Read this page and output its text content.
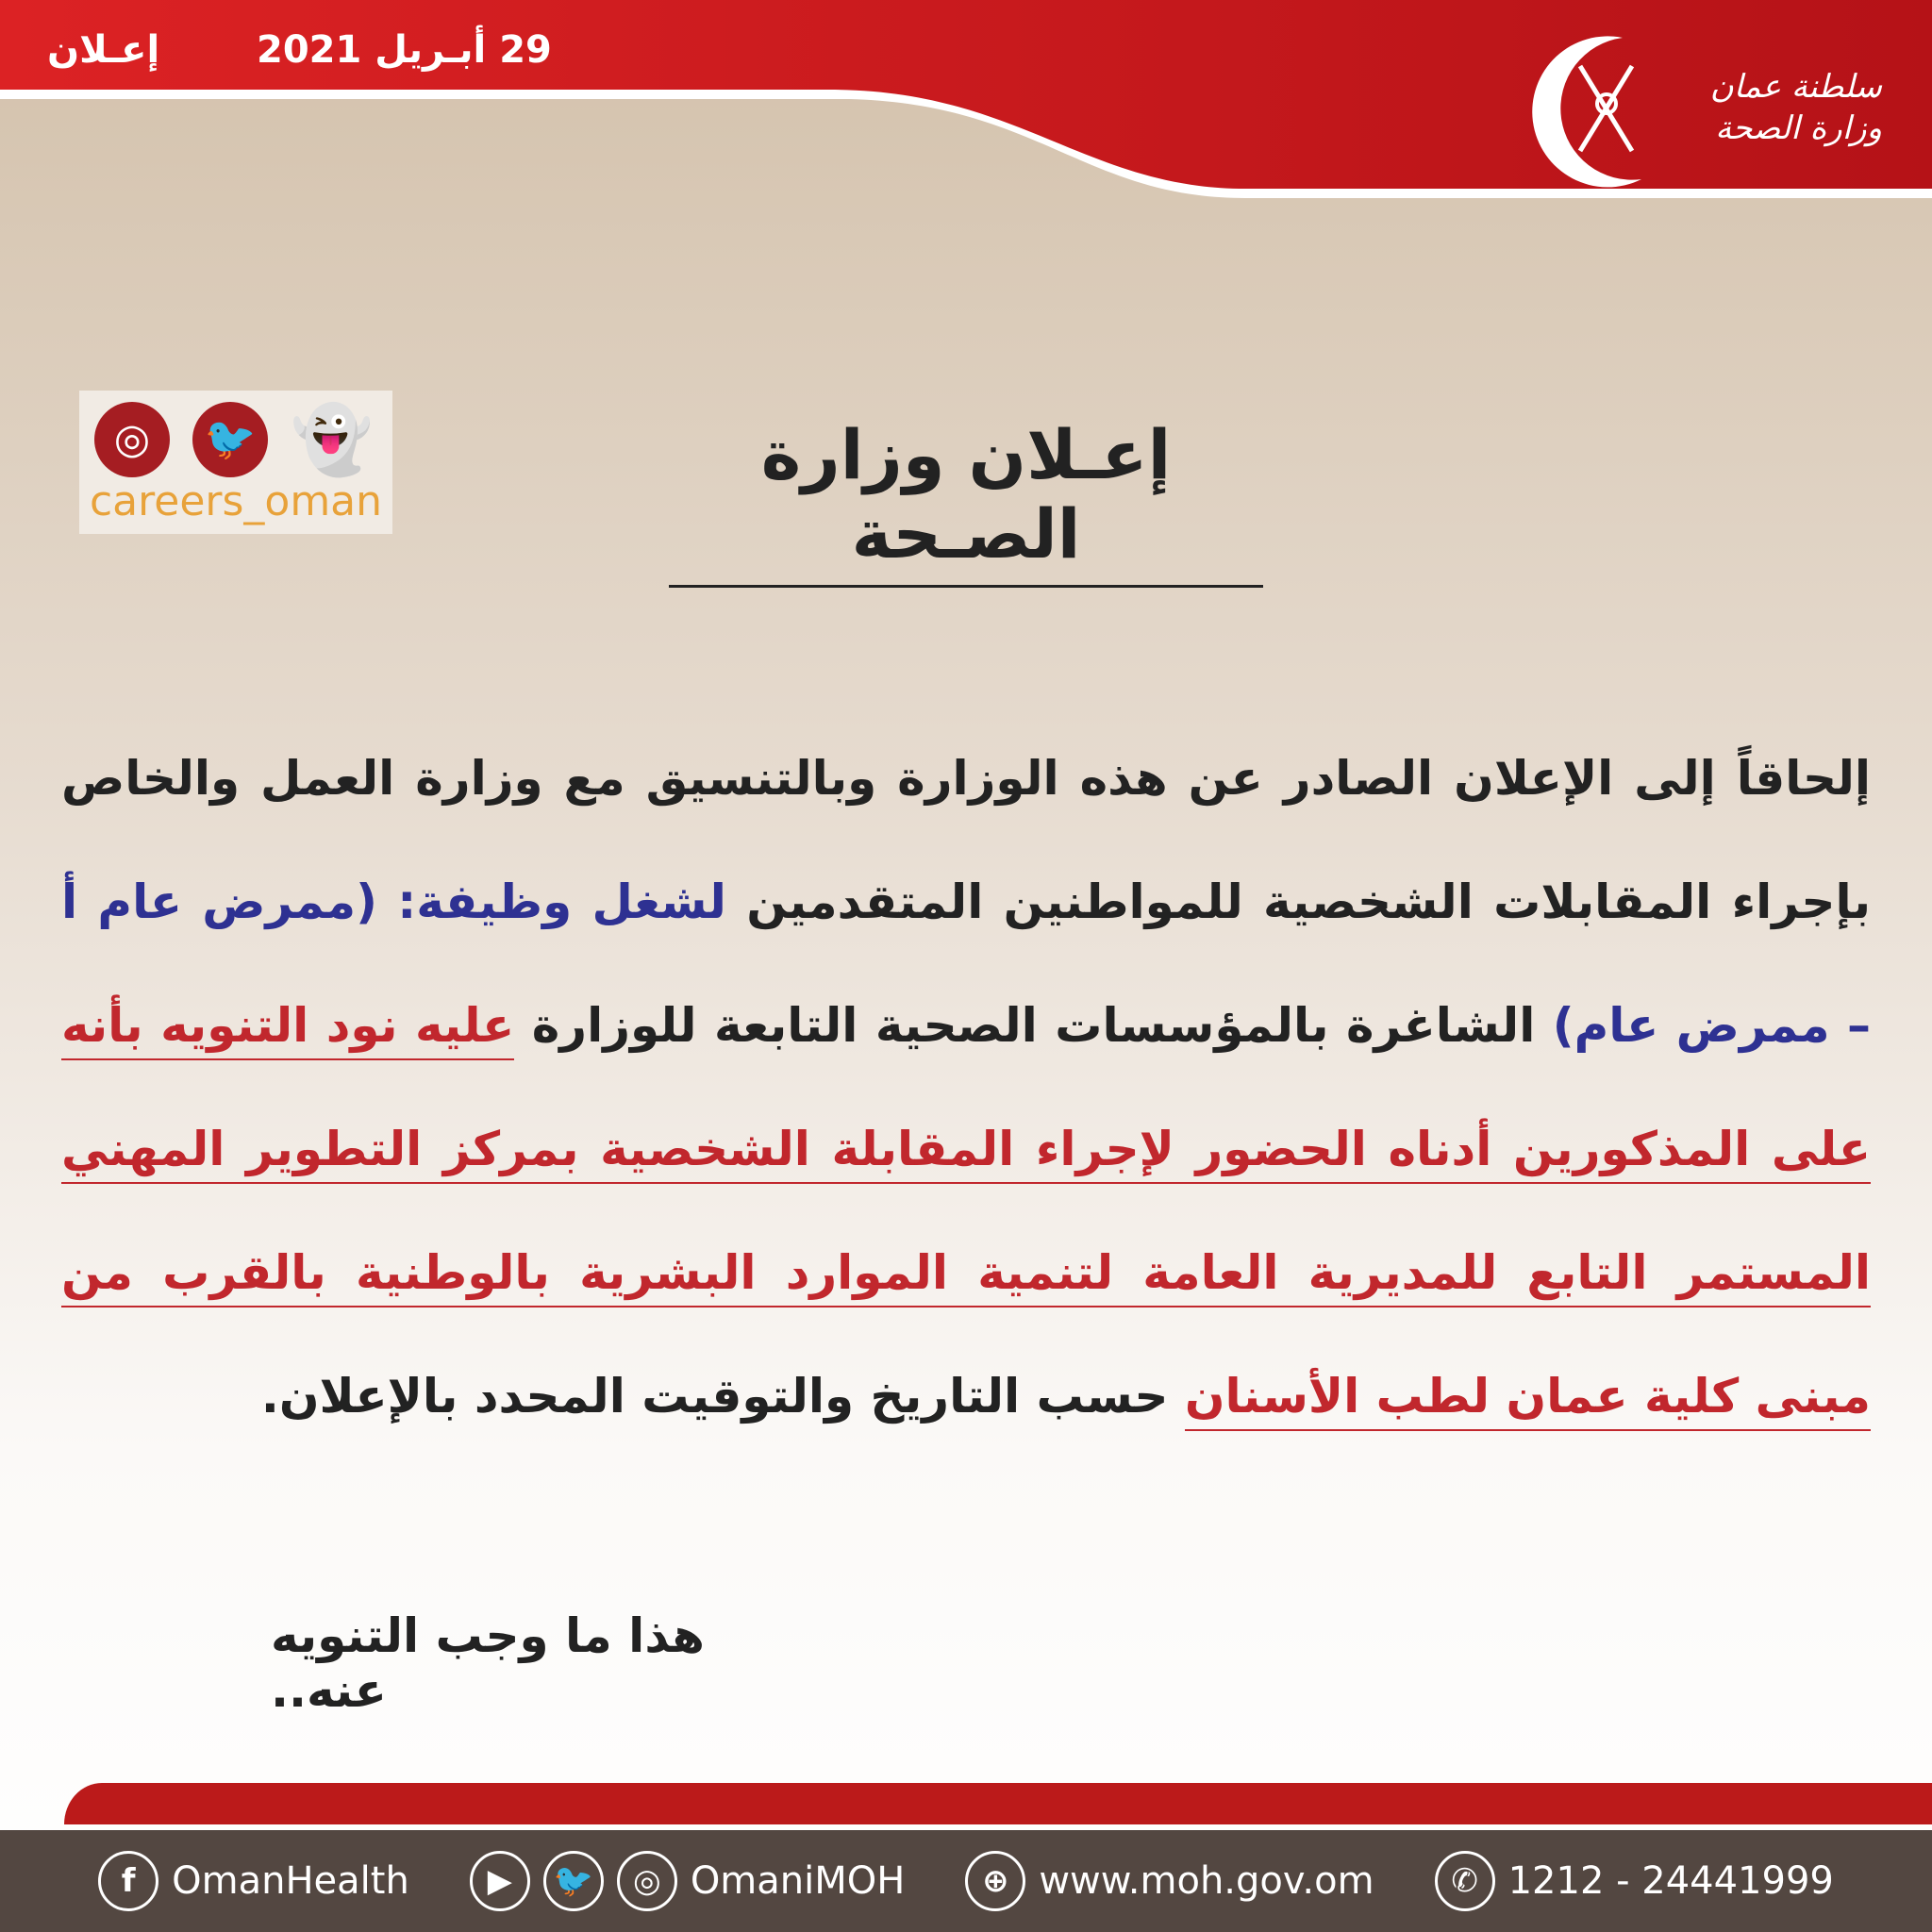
إعـلان	29 أبـريل 2021
سلطنة عمان
وزارة الصحة
◎	🐦 👻
careers_oman
إعـلان وزارة الصـحة
إلحاقاً إلى الإعلان الصادر عن هذه الوزارة وبالتنسيق مع وزارة العمل والخاص بإجراء المقابلات الشخصية للمواطنين المتقدمين لشغل وظيفة: (ممرض عام أ – ممرض عام) الشاغرة بالمؤسسات الصحية التابعة للوزارة عليه نود التنويه بأنه على المذكورين أدناه الحضور لإجراء المقابلة الشخصية بمركز التطوير المهني المستمر التابع للمديرية العامة لتنمية الموارد البشرية بالوطنية بالقرب من مبنى كلية عمان لطب الأسنان حسب التاريخ والتوقيت المحدد بالإعلان.
هذا ما وجب التنويه عنه..
f OmanHealth	▶	🐦	◎ OmaniMOH	⊕ www.moh.gov.om	✆ 1212 - 24441999
